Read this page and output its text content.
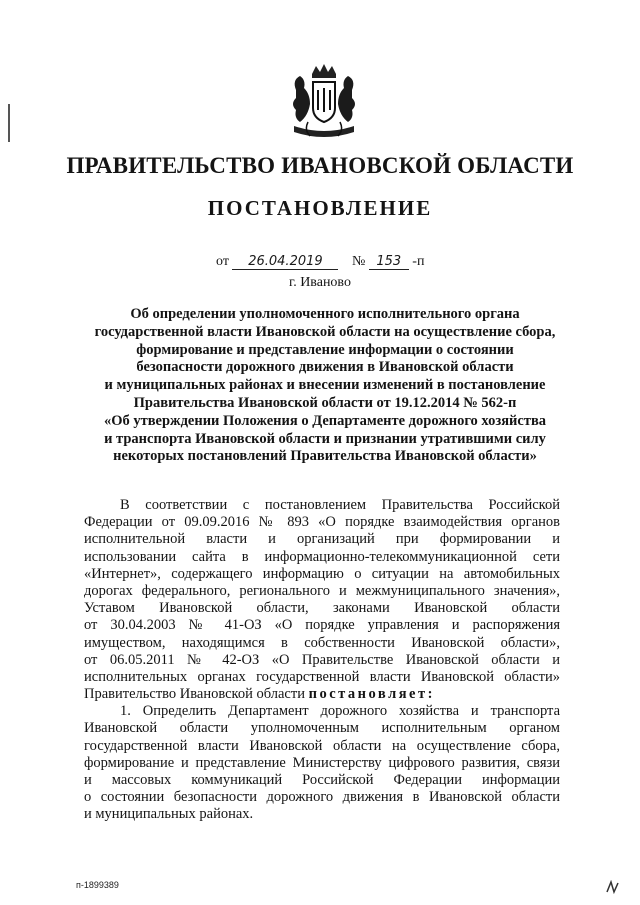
ПРАВИТЕЛЬСТВО ИВАНОВСКОЙ ОБЛАСТИ
ПОСТАНОВЛЕНИЕ
от 26.04.2019 № 153 -п
г. Иваново
Об определении уполномоченного исполнительного органа
государственной власти Ивановской области на осуществление сбора,
формирование и представление информации о состоянии
безопасности дорожного движения в Ивановской области
и муниципальных районах и внесении изменений в постановление
Правительства Ивановской области от 19.12.2014 № 562-п
«Об утверждении Положения о Департаменте дорожного хозяйства
и транспорта Ивановской области и признании утратившими силу
некоторых постановлений Правительства Ивановской области»
В соответствии с постановлением Правительства Российской
Федерации от 09.09.2016 № 893 «О порядке взаимодействия органов
исполнительной власти и организаций при формировании и
использовании сайта в информационно-телекоммуникационной сети
«Интернет», содержащего информацию о ситуации на автомобильных
дорогах федерального, регионального и межмуниципального значения»,
Уставом Ивановской области, законами Ивановской области
от 30.04.2003 № 41-ОЗ «О порядке управления и распоряжения
имуществом, находящимся в собственности Ивановской области»,
от 06.05.2011 № 42-ОЗ «О Правительстве Ивановской области и
исполнительных органах государственной власти Ивановской области»
Правительство Ивановской области постановляет:
1. Определить Департамент дорожного хозяйства и транспорта
Ивановской области уполномоченным исполнительным органом
государственной власти Ивановской области на осуществление сбора,
формирование и представление Министерству цифрового развития, связи
и массовых коммуникаций Российской Федерации информации
о состоянии безопасности дорожного движения в Ивановской области
и муниципальных районах.
п-1899389
